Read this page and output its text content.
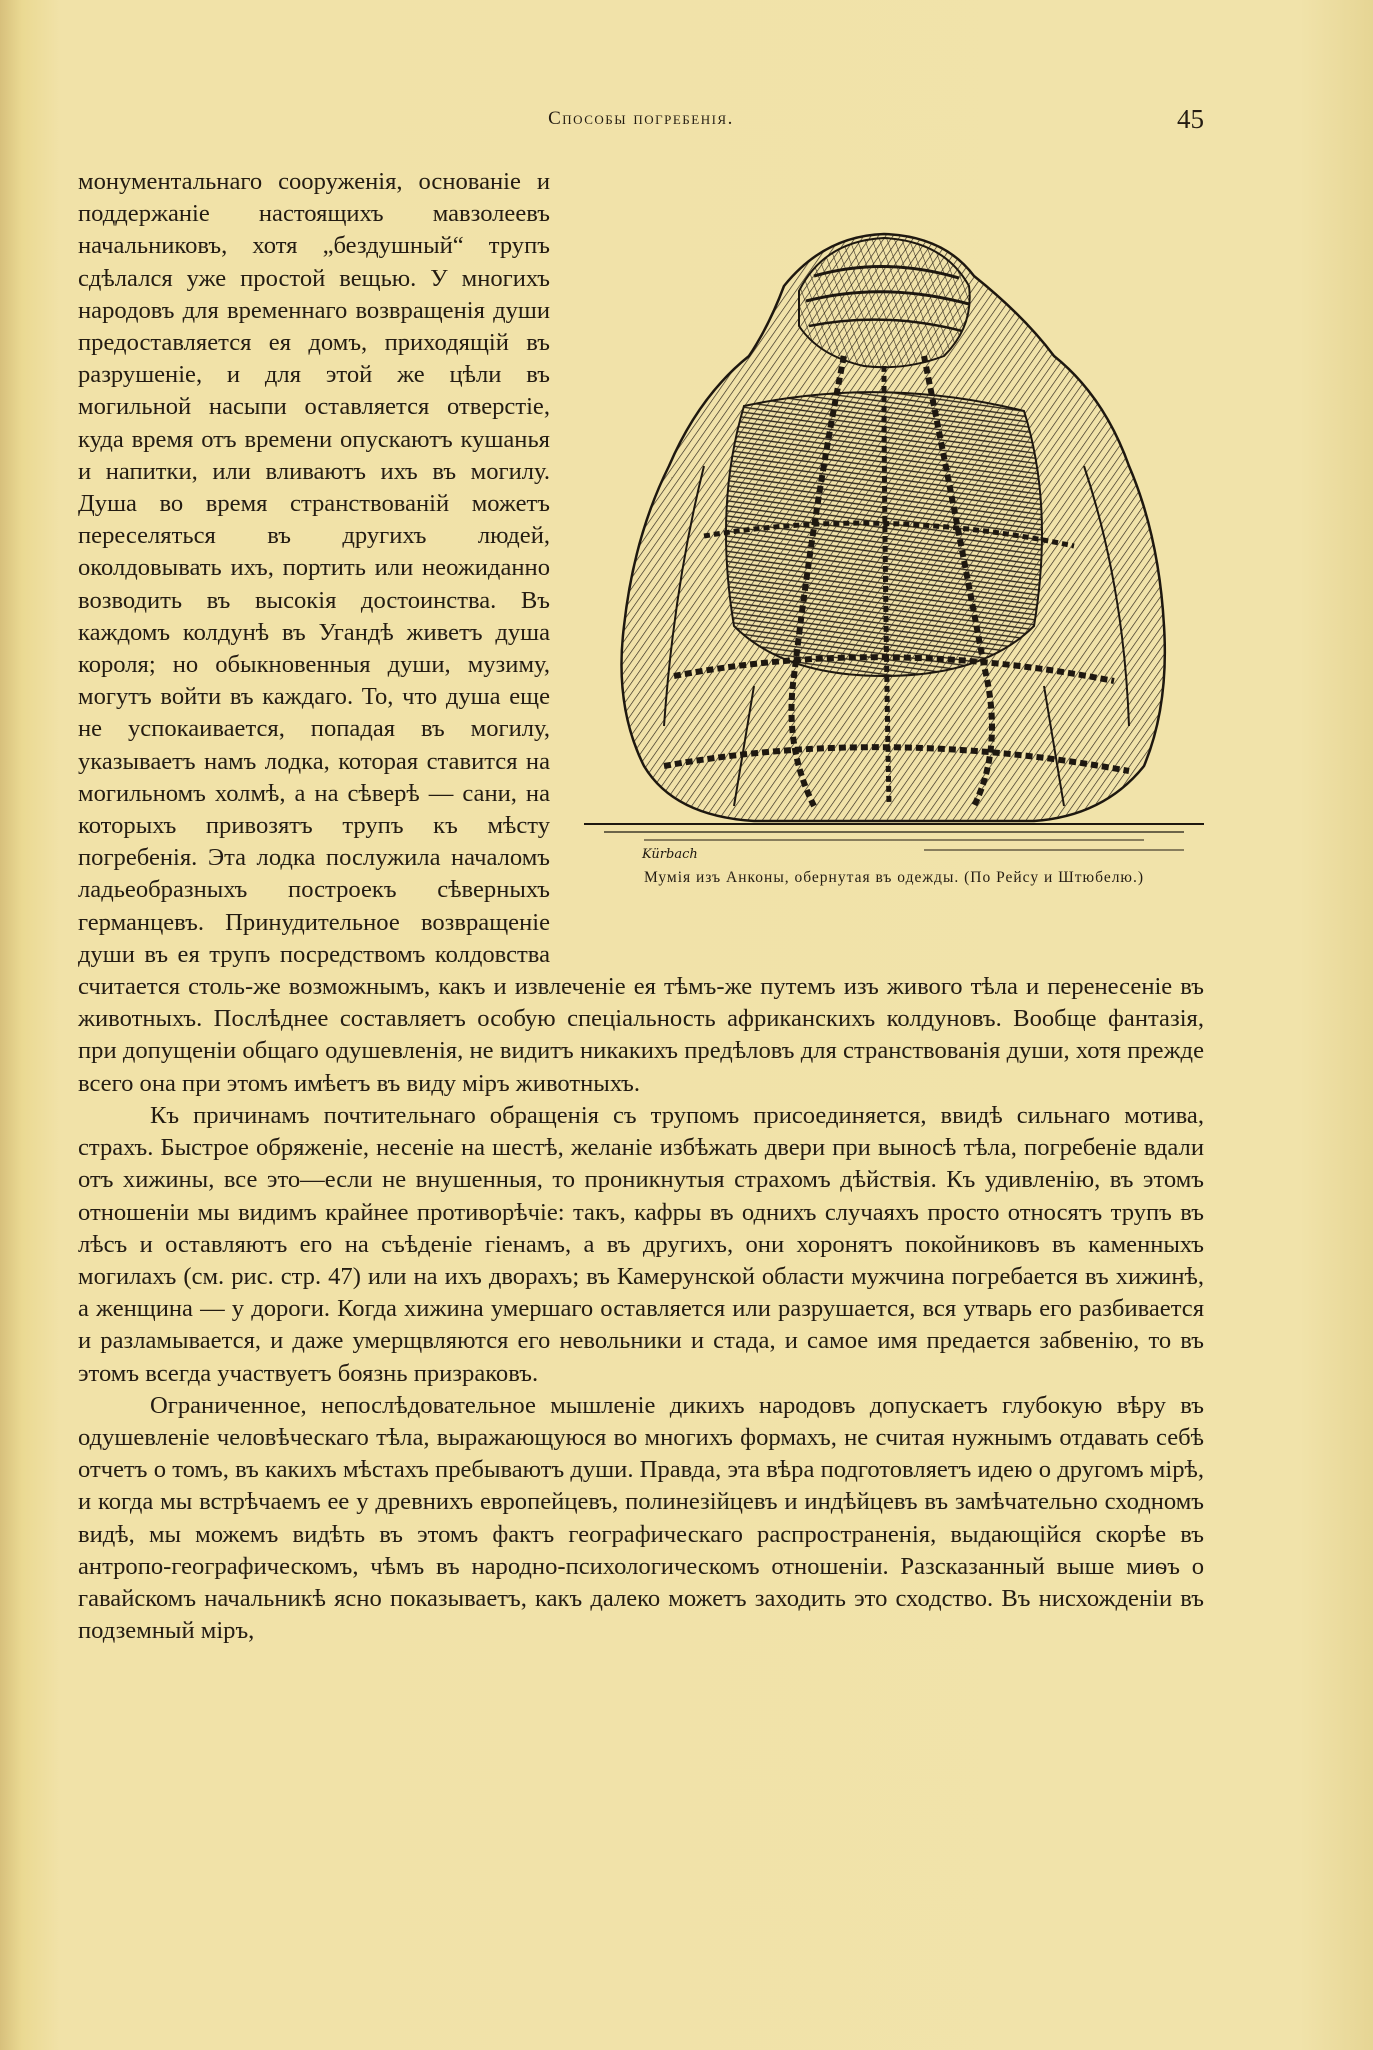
Способы погребенія.	45
Kürbach
Мумія изъ Анконы, обернутая въ одежды. (По Рейсу и Штюбелю.)

монументальнаго сооруженія, основаніе и поддержаніе настоящихъ мавзолеевъ начальниковъ, хотя „бездушный“ трупъ сдѣлался уже простой вещью. У многихъ народовъ для временнаго возвращенія души предоставляется ея домъ, приходящій въ разрушеніе, и для этой же цѣли въ могильной насыпи оставляется отверстіе, куда время отъ времени опускаютъ кушанья и напитки, или вливаютъ ихъ въ могилу. Душа во время странствованій можетъ переселяться въ другихъ людей, околдовывать ихъ, портить или неожиданно возводить въ высокія достоинства. Въ каждомъ колдунѣ въ Угандѣ живетъ душа короля; но обыкновенныя души, музиму, могутъ войти въ каждаго. То, что душа еще не успокаивается, попадая въ могилу, указываетъ намъ лодка, которая ставится на могильномъ холмѣ, а на сѣверѣ — сани, на которыхъ привозятъ трупъ къ мѣсту погребенія. Эта лодка послужила началомъ ладьеобразныхъ построекъ сѣверныхъ германцевъ. Принудительное возвращеніе души въ ея трупъ посредствомъ колдовства считается столь-же возможнымъ, какъ и извлеченіе ея тѣмъ-же путемъ изъ живого тѣла и перенесеніе въ животныхъ. Послѣднее составляетъ особую спеціальность африканскихъ колдуновъ. Вообще фантазія, при допущеніи общаго одушевленія, не видитъ никакихъ предѣловъ для странствованія души, хотя прежде всего она при этомъ имѣетъ въ виду міръ животныхъ.

Къ причинамъ почтительнаго обращенія съ трупомъ присоединяется, ввидѣ сильнаго мотива, страхъ. Быстрое обряженіе, несеніе на шестѣ, желаніе избѣжать двери при выносѣ тѣла, погребеніе вдали отъ хижины, все это—если не внушенныя, то проникнутыя страхомъ дѣйствія. Къ удивленію, въ этомъ отношеніи мы видимъ крайнее противорѣчіе: такъ, кафры въ однихъ случаяхъ просто относятъ трупъ въ лѣсъ и оставляютъ его на съѣденіе гіенамъ, а въ другихъ, они хоронятъ покойниковъ въ каменныхъ могилахъ (см. рис. стр. 47) или на ихъ дворахъ; въ Камерунской области мужчина погребается въ хижинѣ, а женщина — у дороги. Когда хижина умершаго оставляется или разрушается, вся утварь его разбивается и разламывается, и даже умерщвляются его невольники и стада, и самое имя предается забвенію, то въ этомъ всегда участвуетъ боязнь призраковъ.

Ограниченное, непослѣдовательное мышленіе дикихъ народовъ допускаетъ глубокую вѣру въ одушевленіе человѣческаго тѣла, выражающуюся во многихъ формахъ, не считая нужнымъ отдавать себѣ отчетъ о томъ, въ какихъ мѣстахъ пребываютъ души. Правда, эта вѣра подготовляетъ идею о другомъ мірѣ, и когда мы встрѣчаемъ ее у древнихъ европейцевъ, полинезійцевъ и индѣйцевъ въ замѣчательно сходномъ видѣ, мы можемъ видѣть въ этомъ фактъ географическаго распространенія, выдающійся скорѣе въ антропо-географическомъ, чѣмъ въ народно-психологическомъ отношеніи. Разсказанный выше миѳъ о гавайскомъ начальникѣ ясно показываетъ, какъ далеко можетъ заходить это сходство. Въ нисхожденіи въ подземный міръ,
